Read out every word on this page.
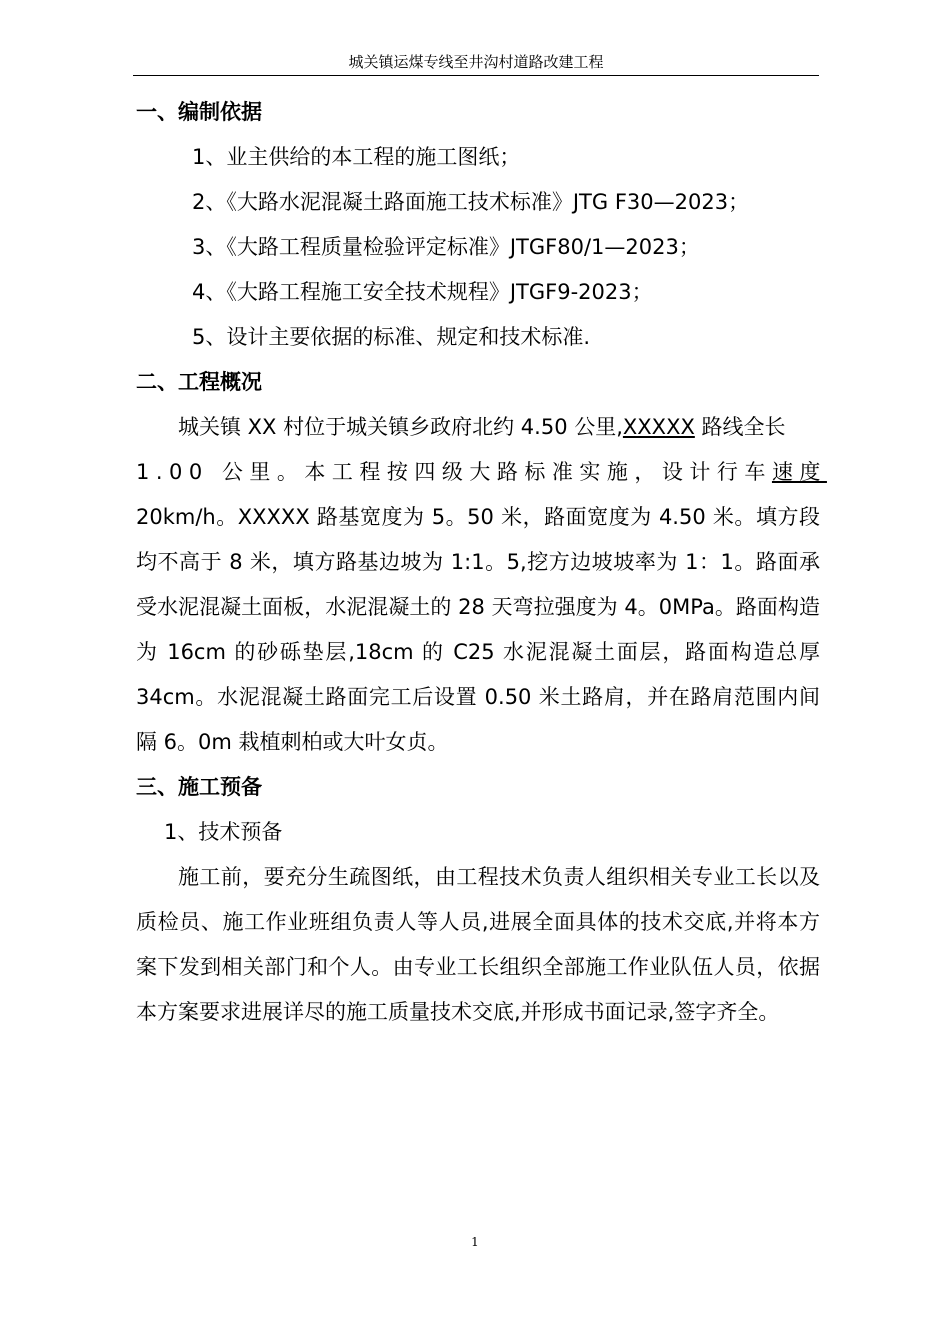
城关镇运煤专线至井沟村道路改建工程
一、编制依据

1、业主供给的本工程的施工图纸；

2、《大路水泥混凝土路面施工技术标准》JTG F30—2023；

3、《大路工程质量检验评定标准》JTGF80/1—2023；

4、《大路工程施工安全技术规程》JTGF9-2023；

5、设计主要依据的标准、规定和技术标准.

二、工程概况

城关镇 XX 村位于城关镇乡政府北约 4.50 公里,XXXXX 路线全长

1.00 公里。本工程按四级大路标准实施，设计行车速度

20km/h。XXXXX 路基宽度为 5。50 米，路面宽度为 4.50 米。填方段均不高于 8 米，填方路基边坡为 1:1。5,挖方边坡坡率为 1：1。路面承受水泥混凝土面板，水泥混凝土的 28 天弯拉强度为 4。0MPa。路面构造为 16cm 的砂砾垫层,18cm 的 C25 水泥混凝土面层，路面构造总厚 34cm。水泥混凝土路面完工后设置 0.50 米土路肩，并在路肩范围内间隔 6。0m 栽植刺柏或大叶女贞。

三、施工预备

1、技术预备

施工前，要充分生疏图纸，由工程技术负责人组织相关专业工长以及质检员、施工作业班组负责人等人员,进展全面具体的技术交底,并将本方案下发到相关部门和个人。由专业工长组织全部施工作业队伍人员，依据本方案要求进展详尽的施工质量技术交底,并形成书面记录,签字齐全。

1
